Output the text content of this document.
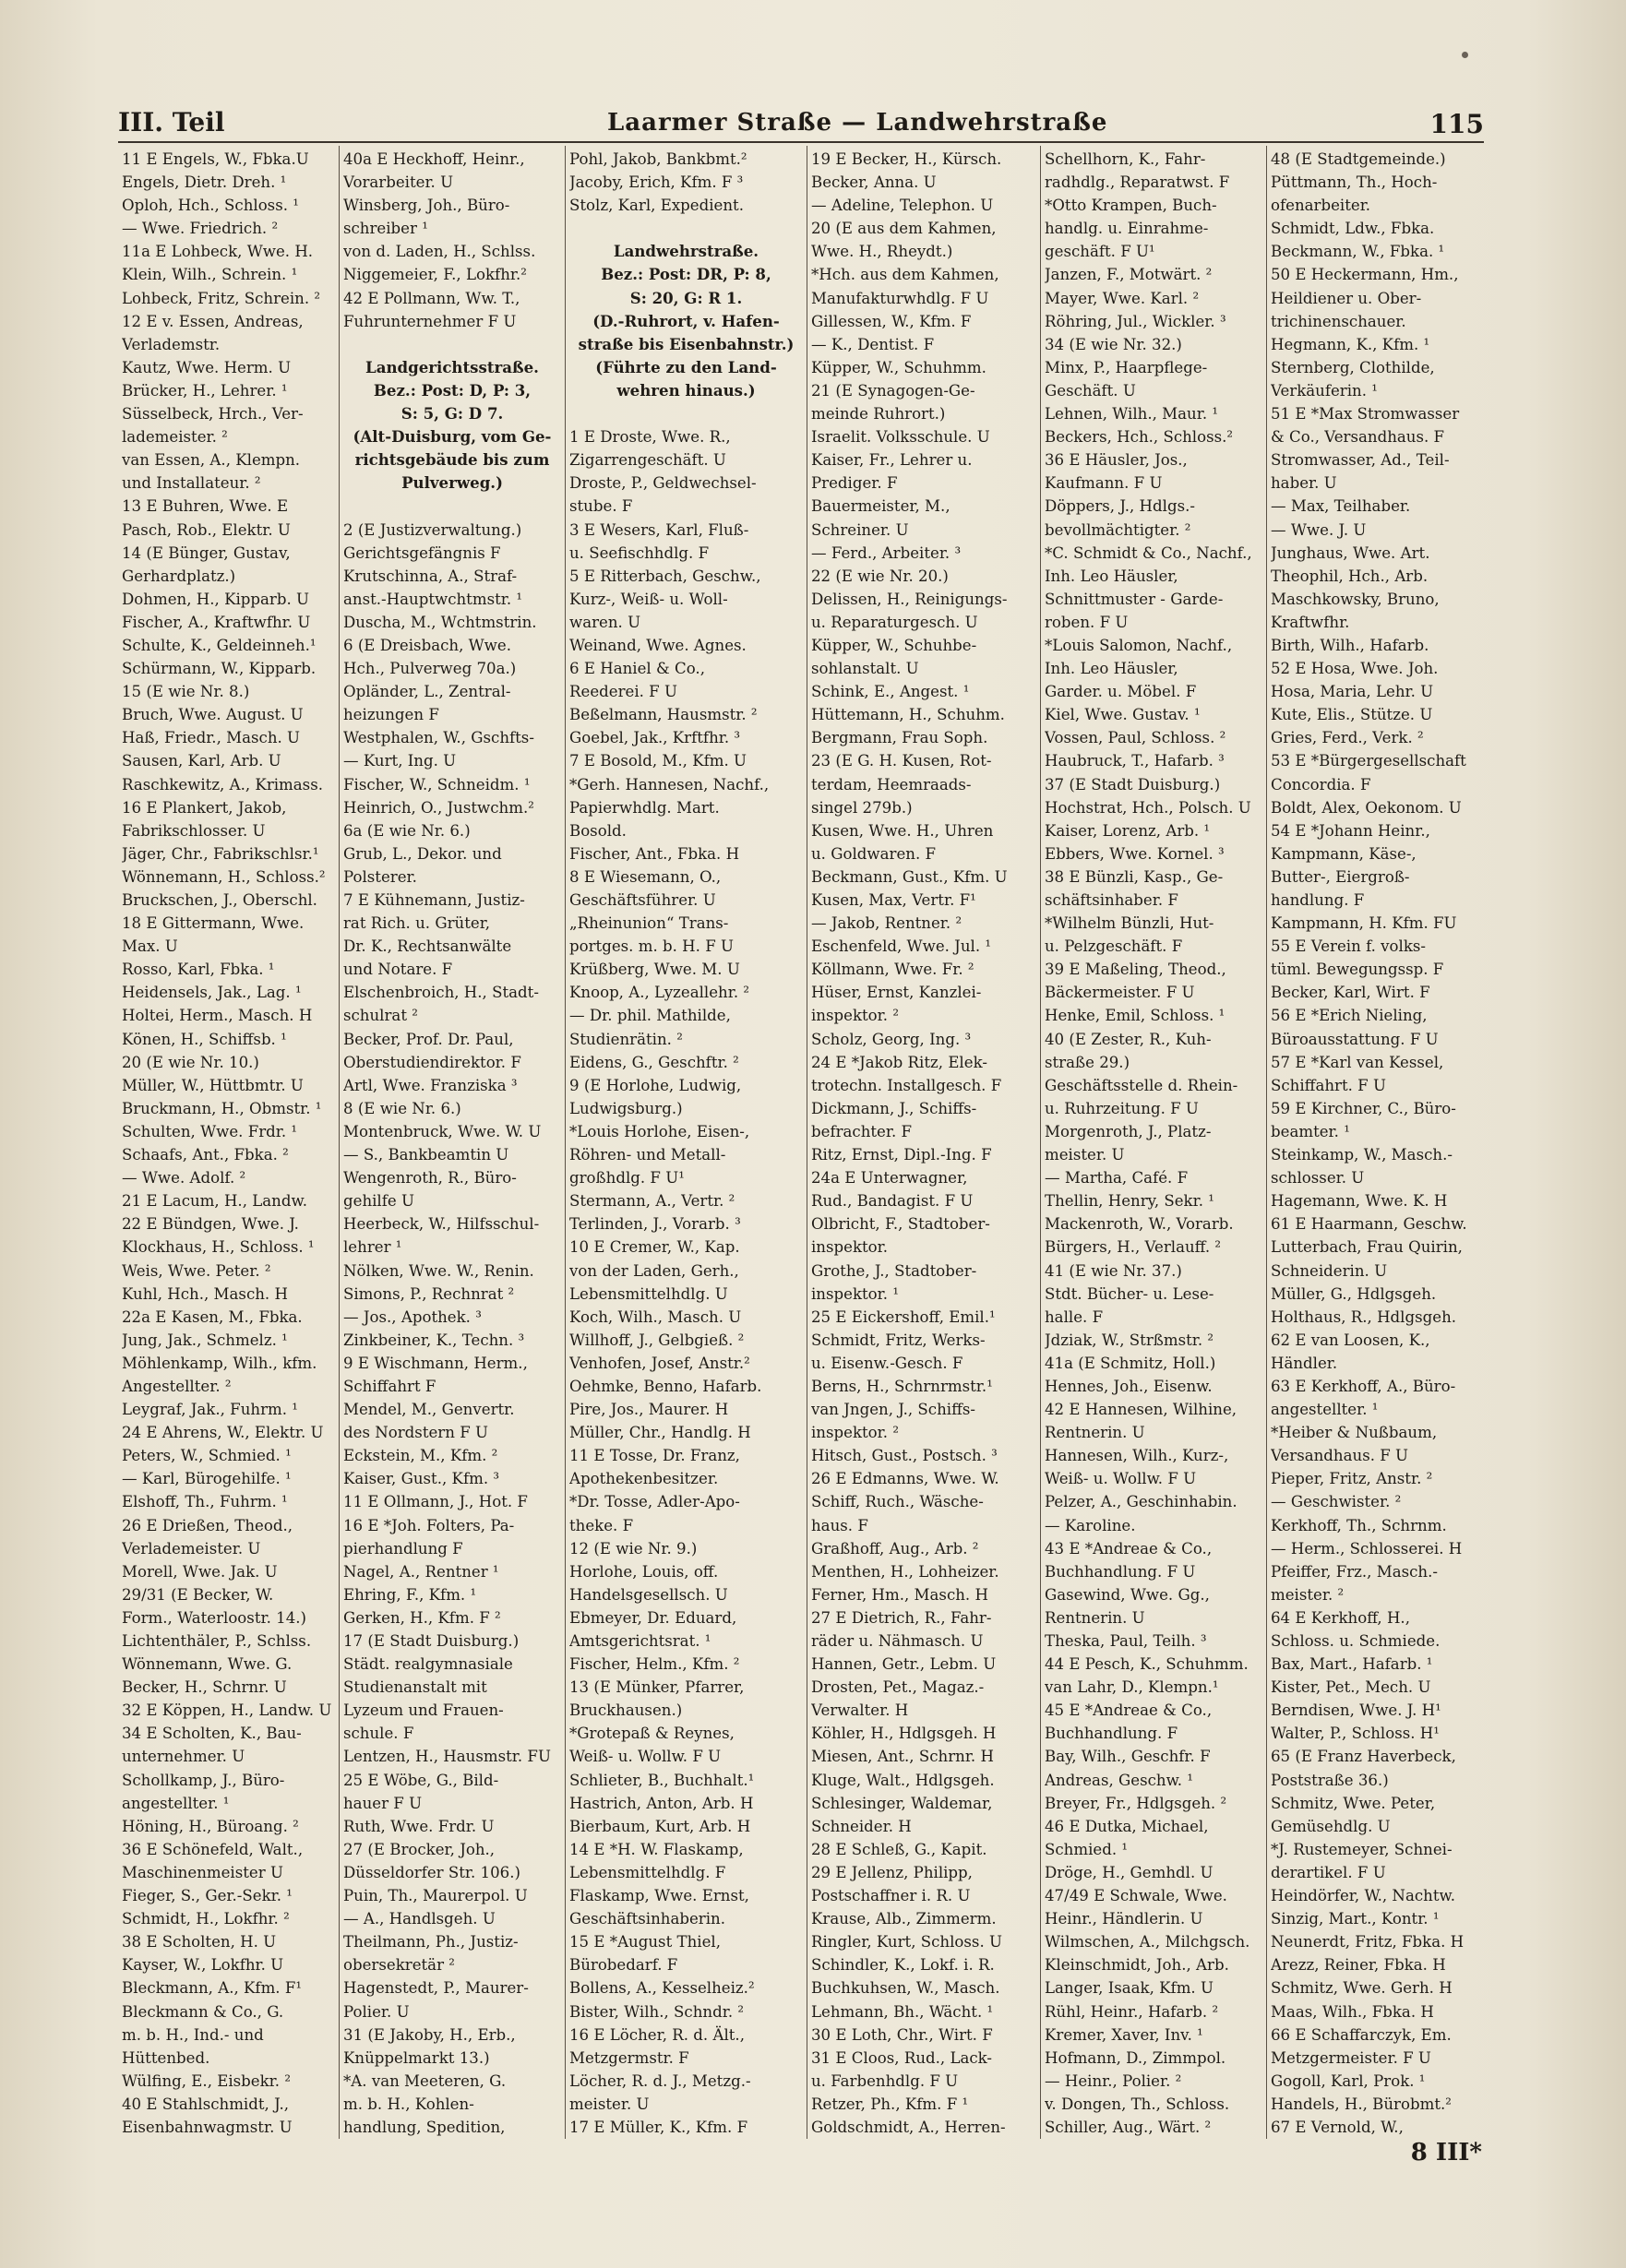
III. Teil	Laarmer Straße — Landwehrstraße	115
11 E Engels, W., Fbka.U
Engels, Dietr. Dreh. ¹
Oploh, Hch., Schloss. ¹
— Wwe. Friedrich. ²
11a E Lohbeck, Wwe. H.
Klein, Wilh., Schrein. ¹
Lohbeck, Fritz, Schrein. ²
12 E v. Essen, Andreas,
Verlademstr.
Kautz, Wwe. Herm. U
Brücker, H., Lehrer. ¹
Süsselbeck, Hrch., Ver-
lademeister. ²
van Essen, A., Klempn.
und Installateur. ²
13 E Buhren, Wwe. E
Pasch, Rob., Elektr. U
14 (E Bünger, Gustav,
Gerhardplatz.)
Dohmen, H., Kipparb. U
Fischer, A., Kraftwfhr. U
Schulte, K., Geldeinneh.¹
Schürmann, W., Kipparb.
15 (E wie Nr. 8.)
Bruch, Wwe. August. U
Haß, Friedr., Masch. U
Sausen, Karl, Arb. U
Raschkewitz, A., Krimass.
16 E Plankert, Jakob,
Fabrikschlosser. U
Jäger, Chr., Fabrikschlsr.¹
Wönnemann, H., Schloss.²
Bruckschen, J., Oberschl.
18 E Gittermann, Wwe.
Max. U
Rosso, Karl, Fbka. ¹
Heidensels, Jak., Lag. ¹
Holtei, Herm., Masch. H
Könen, H., Schiffsb. ¹
20 (E wie Nr. 10.)
Müller, W., Hüttbmtr. U
Bruckmann, H., Obmstr. ¹
Schulten, Wwe. Frdr. ¹
Schaafs, Ant., Fbka. ²
— Wwe. Adolf. ²
21 E Lacum, H., Landw.
22 E Bündgen, Wwe. J.
Klockhaus, H., Schloss. ¹
Weis, Wwe. Peter. ²
Kuhl, Hch., Masch. H
22a E Kasen, M., Fbka.
Jung, Jak., Schmelz. ¹
Möhlenkamp, Wilh., kfm.
Angestellter. ²
Leygraf, Jak., Fuhrm. ¹
24 E Ahrens, W., Elektr. U
Peters, W., Schmied. ¹
— Karl, Bürogehilfe. ¹
Elshoff, Th., Fuhrm. ¹
26 E Drießen, Theod.,
Verlademeister. U
Morell, Wwe. Jak. U
29/31 (E Becker, W.
Form., Waterloostr. 14.)
Lichtenthäler, P., Schlss.
Wönnemann, Wwe. G.
Becker, H., Schrnr. U
32 E Köppen, H., Landw. U
34 E Scholten, K., Bau-
unternehmer. U
Schollkamp, J., Büro-
angestellter. ¹
Höning, H., Büroang. ²
36 E Schönefeld, Walt.,
Maschinenmeister U
Fieger, S., Ger.-Sekr. ¹
Schmidt, H., Lokfhr. ²
38 E Scholten, H. U
Kayser, W., Lokfhr. U
Bleckmann, A., Kfm. F¹
Bleckmann & Co., G.
m. b. H., Ind.- und
Hüttenbed.
Wülfing, E., Eisbekr. ²
40 E Stahlschmidt, J.,
Eisenbahnwagmstr. U
40a E Heckhoff, Heinr.,
Vorarbeiter. U
Winsberg, Joh., Büro-
schreiber ¹
von d. Laden, H., Schlss.
Niggemeier, F., Lokfhr.²
42 E Pollmann, Ww. T.,
Fuhrunternehmer F U

Landgerichtsstraße.
Bez.: Post: D, P: 3,
S: 5, G: D 7.
(Alt-Duisburg, vom Ge-
richtsgebäude bis zum
Pulverweg.)

2 (E Justizverwaltung.)
Gerichtsgefängnis F
Krutschinna, A., Straf-
anst.-Hauptwchtmstr. ¹
Duscha, M., Wchtmstrin.
6 (E Dreisbach, Wwe.
Hch., Pulverweg 70a.)
Opländer, L., Zentral-
heizungen F
Westphalen, W., Gschfts-
— Kurt, Ing. U
Fischer, W., Schneidm. ¹
Heinrich, O., Justwchm.²
6a (E wie Nr. 6.)
Grub, L., Dekor. und
Polsterer.
7 E Kühnemann, Justiz-
rat Rich. u. Grüter,
Dr. K., Rechtsanwälte
und Notare. F
Elschenbroich, H., Stadt-
schulrat ²
Becker, Prof. Dr. Paul,
Oberstudiendirektor. F
Artl, Wwe. Franziska ³
8 (E wie Nr. 6.)
Montenbruck, Wwe. W. U
— S., Bankbeamtin U
Wengenroth, R., Büro-
gehilfe U
Heerbeck, W., Hilfsschul-
lehrer ¹
Nölken, Wwe. W., Renin.
Simons, P., Rechnrat ²
— Jos., Apothek. ³
Zinkbeiner, K., Techn. ³
9 E Wischmann, Herm.,
Schiffahrt F
Mendel, M., Genvertr.
des Nordstern F U
Eckstein, M., Kfm. ²
Kaiser, Gust., Kfm. ³
11 E Ollmann, J., Hot. F
16 E *Joh. Folters, Pa-
pierhandlung F
Nagel, A., Rentner ¹
Ehring, F., Kfm. ¹
Gerken, H., Kfm. F ²
17 (E Stadt Duisburg.)
Städt. realgymnasiale
Studienanstalt mit
Lyzeum und Frauen-
schule. F
Lentzen, H., Hausmstr. FU
25 E Wöbe, G., Bild-
hauer F U
Ruth, Wwe. Frdr. U
27 (E Brocker, Joh.,
Düsseldorfer Str. 106.)
Puin, Th., Maurerpol. U
— A., Handlsgeh. U
Theilmann, Ph., Justiz-
obersekretär ²
Hagenstedt, P., Maurer-
Polier. U
31 (E Jakoby, H., Erb.,
Knüppelmarkt 13.)
*A. van Meeteren, G.
m. b. H., Kohlen-
handlung, Spedition,
Pohl, Jakob, Bankbmt.²
Jacoby, Erich, Kfm. F ³
Stolz, Karl, Expedient.

Landwehrstraße.
Bez.: Post: DR, P: 8,
S: 20, G: R 1.
(D.-Ruhrort, v. Hafen-
straße bis Eisenbahnstr.)
(Führte zu den Land-
wehren hinaus.)

1 E Droste, Wwe. R.,
Zigarrengeschäft. U
Droste, P., Geldwechsel-
stube. F
3 E Wesers, Karl, Fluß-
u. Seefischhdlg. F
5 E Ritterbach, Geschw.,
Kurz-, Weiß- u. Woll-
waren. U
Weinand, Wwe. Agnes.
6 E Haniel & Co.,
Reederei. F U
Beßelmann, Hausmstr. ²
Goebel, Jak., Krftfhr. ³
7 E Bosold, M., Kfm. U
*Gerh. Hannesen, Nachf.,
Papierwhdlg. Mart.
Bosold.
Fischer, Ant., Fbka. H
8 E Wiesemann, O.,
Geschäftsführer. U
„Rheinunion“ Trans-
portges. m. b. H. F U
Krüßberg, Wwe. M. U
Knoop, A., Lyzeallehr. ²
— Dr. phil. Mathilde,
Studienrätin. ²
Eidens, G., Geschftr. ²
9 (E Horlohe, Ludwig,
Ludwigsburg.)
*Louis Horlohe, Eisen-,
Röhren- und Metall-
großhdlg. F U¹
Stermann, A., Vertr. ²
Terlinden, J., Vorarb. ³
10 E Cremer, W., Kap.
von der Laden, Gerh.,
Lebensmittelhdlg. U
Koch, Wilh., Masch. U
Willhoff, J., Gelbgieß. ²
Venhofen, Josef, Anstr.²
Oehmke, Benno, Hafarb.
Pire, Jos., Maurer. H
Müller, Chr., Handlg. H
11 E Tosse, Dr. Franz,
Apothekenbesitzer.
*Dr. Tosse, Adler-Apo-
theke. F
12 (E wie Nr. 9.)
Horlohe, Louis, off.
Handelsgesellsch. U
Ebmeyer, Dr. Eduard,
Amtsgerichtsrat. ¹
Fischer, Helm., Kfm. ²
13 (E Münker, Pfarrer,
Bruckhausen.)
*Grotepaß & Reynes,
Weiß- u. Wollw. F U
Schlieter, B., Buchhalt.¹
Hastrich, Anton, Arb. H
Bierbaum, Kurt, Arb. H
14 E *H. W. Flaskamp,
Lebensmittelhdlg. F
Flaskamp, Wwe. Ernst,
Geschäftsinhaberin.
15 E *August Thiel,
Bürobedarf. F
Bollens, A., Kesselheiz.²
Bister, Wilh., Schndr. ²
16 E Löcher, R. d. Ält.,
Metzgermstr. F
Löcher, R. d. J., Metzg.-
meister. U
17 E Müller, K., Kfm. F
19 E Becker, H., Kürsch.
Becker, Anna. U
— Adeline, Telephon. U
20 (E aus dem Kahmen,
Wwe. H., Rheydt.)
*Hch. aus dem Kahmen,
Manufakturwhdlg. F U
Gillessen, W., Kfm. F
— K., Dentist. F
Küpper, W., Schuhmm.
21 (E Synagogen-Ge-
meinde Ruhrort.)
Israelit. Volksschule. U
Kaiser, Fr., Lehrer u.
Prediger. F
Bauermeister, M.,
Schreiner. U
— Ferd., Arbeiter. ³
22 (E wie Nr. 20.)
Delissen, H., Reinigungs-
u. Reparaturgesch. U
Küpper, W., Schuhbe-
sohlanstalt. U
Schink, E., Angest. ¹
Hüttemann, H., Schuhm.
Bergmann, Frau Soph.
23 (E G. H. Kusen, Rot-
terdam, Heemraads-
singel 279b.)
Kusen, Wwe. H., Uhren
u. Goldwaren. F
Beckmann, Gust., Kfm. U
Kusen, Max, Vertr. F¹
— Jakob, Rentner. ²
Eschenfeld, Wwe. Jul. ¹
Köllmann, Wwe. Fr. ²
Hüser, Ernst, Kanzlei-
inspektor. ²
Scholz, Georg, Ing. ³
24 E *Jakob Ritz, Elek-
trotechn. Installgesch. F
Dickmann, J., Schiffs-
befrachter. F
Ritz, Ernst, Dipl.-Ing. F
24a E Unterwagner,
Rud., Bandagist. F U
Olbricht, F., Stadtober-
inspektor.
Grothe, J., Stadtober-
inspektor. ¹
25 E Eickershoff, Emil.¹
Schmidt, Fritz, Werks-
u. Eisenw.-Gesch. F
Berns, H., Schrnrmstr.¹
van Jngen, J., Schiffs-
inspektor. ²
Hitsch, Gust., Postsch. ³
26 E Edmanns, Wwe. W.
Schiff, Ruch., Wäsche-
haus. F
Graßhoff, Aug., Arb. ²
Menthen, H., Lohheizer.
Ferner, Hm., Masch. H
27 E Dietrich, R., Fahr-
räder u. Nähmasch. U
Hannen, Getr., Lebm. U
Drosten, Pet., Magaz.-
Verwalter. H
Köhler, H., Hdlgsgeh. H
Miesen, Ant., Schrnr. H
Kluge, Walt., Hdlgsgeh.
Schlesinger, Waldemar,
Schneider. H
28 E Schleß, G., Kapit.
29 E Jellenz, Philipp,
Postschaffner i. R. U
Krause, Alb., Zimmerm.
Ringler, Kurt, Schloss. U
Schindler, K., Lokf. i. R.
Buchkuhsen, W., Masch.
Lehmann, Bh., Wächt. ¹
30 E Loth, Chr., Wirt. F
31 E Cloos, Rud., Lack-
u. Farbenhdlg. F U
Retzer, Ph., Kfm. F ¹
Goldschmidt, A., Herren-
Schellhorn, K., Fahr-
radhdlg., Reparatwst. F
*Otto Krampen, Buch-
handlg. u. Einrahme-
geschäft. F U¹
Janzen, F., Motwärt. ²
Mayer, Wwe. Karl. ²
Röhring, Jul., Wickler. ³
34 (E wie Nr. 32.)
Minx, P., Haarpflege-
Geschäft. U
Lehnen, Wilh., Maur. ¹
Beckers, Hch., Schloss.²
36 E Häusler, Jos.,
Kaufmann. F U
Döppers, J., Hdlgs.-
bevollmächtigter. ²
*C. Schmidt & Co., Nachf.,
Inh. Leo Häusler,
Schnittmuster - Garde-
roben. F U
*Louis Salomon, Nachf.,
Inh. Leo Häusler,
Garder. u. Möbel. F
Kiel, Wwe. Gustav. ¹
Vossen, Paul, Schloss. ²
Haubruck, T., Hafarb. ³
37 (E Stadt Duisburg.)
Hochstrat, Hch., Polsch. U
Kaiser, Lorenz, Arb. ¹
Ebbers, Wwe. Kornel. ³
38 E Bünzli, Kasp., Ge-
schäftsinhaber. F
*Wilhelm Bünzli, Hut-
u. Pelzgeschäft. F
39 E Maßeling, Theod.,
Bäckermeister. F U
Henke, Emil, Schloss. ¹
40 (E Zester, R., Kuh-
straße 29.)
Geschäftsstelle d. Rhein-
u. Ruhrzeitung. F U
Morgenroth, J., Platz-
meister. U
— Martha, Café. F
Thellin, Henry, Sekr. ¹
Mackenroth, W., Vorarb.
Bürgers, H., Verlauff. ²
41 (E wie Nr. 37.)
Stdt. Bücher- u. Lese-
halle. F
Jdziak, W., Strßmstr. ²
41a (E Schmitz, Holl.)
Hennes, Joh., Eisenw.
42 E Hannesen, Wilhine,
Rentnerin. U
Hannesen, Wilh., Kurz-,
Weiß- u. Wollw. F U
Pelzer, A., Geschinhabin.
— Karoline.
43 E *Andreae & Co.,
Buchhandlung. F U
Gasewind, Wwe. Gg.,
Rentnerin. U
Theska, Paul, Teilh. ³
44 E Pesch, K., Schuhmm.
van Lahr, D., Klempn.¹
45 E *Andreae & Co.,
Buchhandlung. F
Bay, Wilh., Geschfr. F
Andreas, Geschw. ¹
Breyer, Fr., Hdlgsgeh. ²
46 E Dutka, Michael,
Schmied. ¹
Dröge, H., Gemhdl. U
47/49 E Schwale, Wwe.
Heinr., Händlerin. U
Wilmschen, A., Milchgsch.
Kleinschmidt, Joh., Arb.
Langer, Isaak, Kfm. U
Rühl, Heinr., Hafarb. ²
Kremer, Xaver, Inv. ¹
Hofmann, D., Zimmpol.
— Heinr., Polier. ²
v. Dongen, Th., Schloss.
Schiller, Aug., Wärt. ²
48 (E Stadtgemeinde.)
Püttmann, Th., Hoch-
ofenarbeiter.
Schmidt, Ldw., Fbka.
Beckmann, W., Fbka. ¹
50 E Heckermann, Hm.,
Heildiener u. Ober-
trichinenschauer.
Hegmann, K., Kfm. ¹
Sternberg, Clothilde,
Verkäuferin. ¹
51 E *Max Stromwasser
& Co., Versandhaus. F
Stromwasser, Ad., Teil-
haber. U
— Max, Teilhaber.
— Wwe. J. U
Junghaus, Wwe. Art.
Theophil, Hch., Arb.
Maschkowsky, Bruno,
Kraftwfhr.
Birth, Wilh., Hafarb.
52 E Hosa, Wwe. Joh.
Hosa, Maria, Lehr. U
Kute, Elis., Stütze. U
Gries, Ferd., Verk. ²
53 E *Bürgergesellschaft
Concordia. F
Boldt, Alex, Oekonom. U
54 E *Johann Heinr.,
Kampmann, Käse-,
Butter-, Eiergroß-
handlung. F
Kampmann, H. Kfm. FU
55 E Verein f. volks-
tüml. Bewegungssp. F
Becker, Karl, Wirt. F
56 E *Erich Nieling,
Büroausstattung. F U
57 E *Karl van Kessel,
Schiffahrt. F U
59 E Kirchner, C., Büro-
beamter. ¹
Steinkamp, W., Masch.-
schlosser. U
Hagemann, Wwe. K. H
61 E Haarmann, Geschw.
Lutterbach, Frau Quirin,
Schneiderin. U
Müller, G., Hdlgsgeh.
Holthaus, R., Hdlgsgeh.
62 E van Loosen, K.,
Händler.
63 E Kerkhoff, A., Büro-
angestellter. ¹
*Heiber & Nußbaum,
Versandhaus. F U
Pieper, Fritz, Anstr. ²
— Geschwister. ²
Kerkhoff, Th., Schrnm.
— Herm., Schlosserei. H
Pfeiffer, Frz., Masch.-
meister. ²
64 E Kerkhoff, H.,
Schloss. u. Schmiede.
Bax, Mart., Hafarb. ¹
Kister, Pet., Mech. U
Berndisen, Wwe. J. H¹
Walter, P., Schloss. H¹
65 (E Franz Haverbeck,
Poststraße 36.)
Schmitz, Wwe. Peter,
Gemüsehdlg. U
*J. Rustemeyer, Schnei-
derartikel. F U
Heindörfer, W., Nachtw.
Sinzig, Mart., Kontr. ¹
Neunerdt, Fritz, Fbka. H
Arezz, Reiner, Fbka. H
Schmitz, Wwe. Gerh. H
Maas, Wilh., Fbka. H
66 E Schaffarczyk, Em.
Metzgermeister. F U
Gogoll, Karl, Prok. ¹
Handels, H., Bürobmt.²
67 E Vernold, W.,
8 III*
